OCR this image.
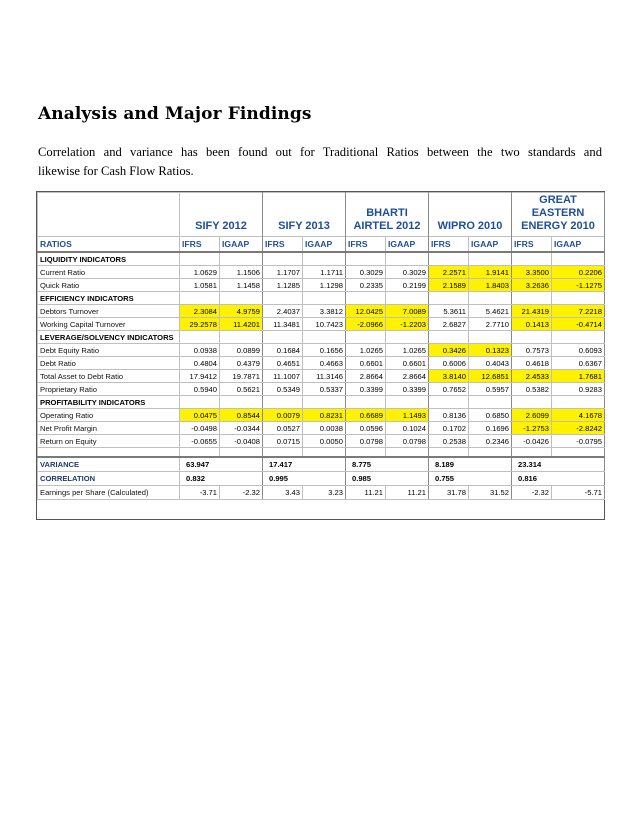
Analysis and Major Findings

Correlation and variance has been found out for Traditional Ratios between the two standards and
likewise for Cash Flow Ratios.

	SIFY 2012		SIFY 2013		BHARTI AIRTEL 2012		WIPRO 2010		GREAT EASTERN ENERGY 2010	
RATIOS	IFRS	IGAAP	IFRS	IGAAP	IFRS	IGAAP	IFRS	IGAAP	IFRS	IGAAP
LIQUIDITY INDICATORS										
Current Ratio	1.0629	1.1506	1.1707	1.1711	0.3029	0.3029	2.2571	1.9141	3.3500	0.2206
Quick Ratio	1.0581	1.1458	1.1285	1.1298	0.2335	0.2199	2.1589	1.8403	3.2636	-1.1275
EFFICIENCY INDICATORS										
Debtors Turnover	2.3084	4.9759	2.4037	3.3812	12.0425	7.0089	5.3611	5.4621	21.4319	7.2218
Working Capital Turnover	29.2578	11.4201	11.3481	10.7423	-2.0966	-1.2203	2.6827	2.7710	0.1413	-0.4714
LEVERAGE/SOLVENCY INDICATORS										
Debt Equity Ratio	0.0938	0.0899	0.1684	0.1656	1.0265	1.0265	0.3426	0.1323	0.7573	0.6093
Debt Ratio	0.4804	0.4379	0.4651	0.4663	0.6601	0.6601	0.6006	0.4043	0.4618	0.6367
Total Asset to Debt Ratio	17.9412	19.7871	11.1007	11.3146	2.8664	2.8664	3.8140	12.6851	2.4533	1.7681
Proprietary Ratio	0.5940	0.5621	0.5349	0.5337	0.3399	0.3399	0.7652	0.5957	0.5382	0.9283
PROFITABILITY INDICATORS										
Operating Ratio	0.0475	0.8544	0.0079	0.8231	0.6689	1.1493	0.8136	0.6850	2.6099	4.1678
Net Profit Margin	-0.0498	-0.0344	0.0527	0.0038	0.0596	0.1024	0.1702	0.1696	-1.2753	-2.8242
Return on Equity	-0.0655	-0.0408	0.0715	0.0050	0.0798	0.0798	0.2538	0.2346	-0.0426	-0.0795

VARIANCE	63.947		17.417		8.775		8.189		23.314	
CORRELATION	0.832		0.995		0.985		0.755		0.816	
Earnings per Share (Calculated)	-3.71	-2.32	3.43	3.23	11.21	11.21	31.78	31.52	-2.32	-5.71
